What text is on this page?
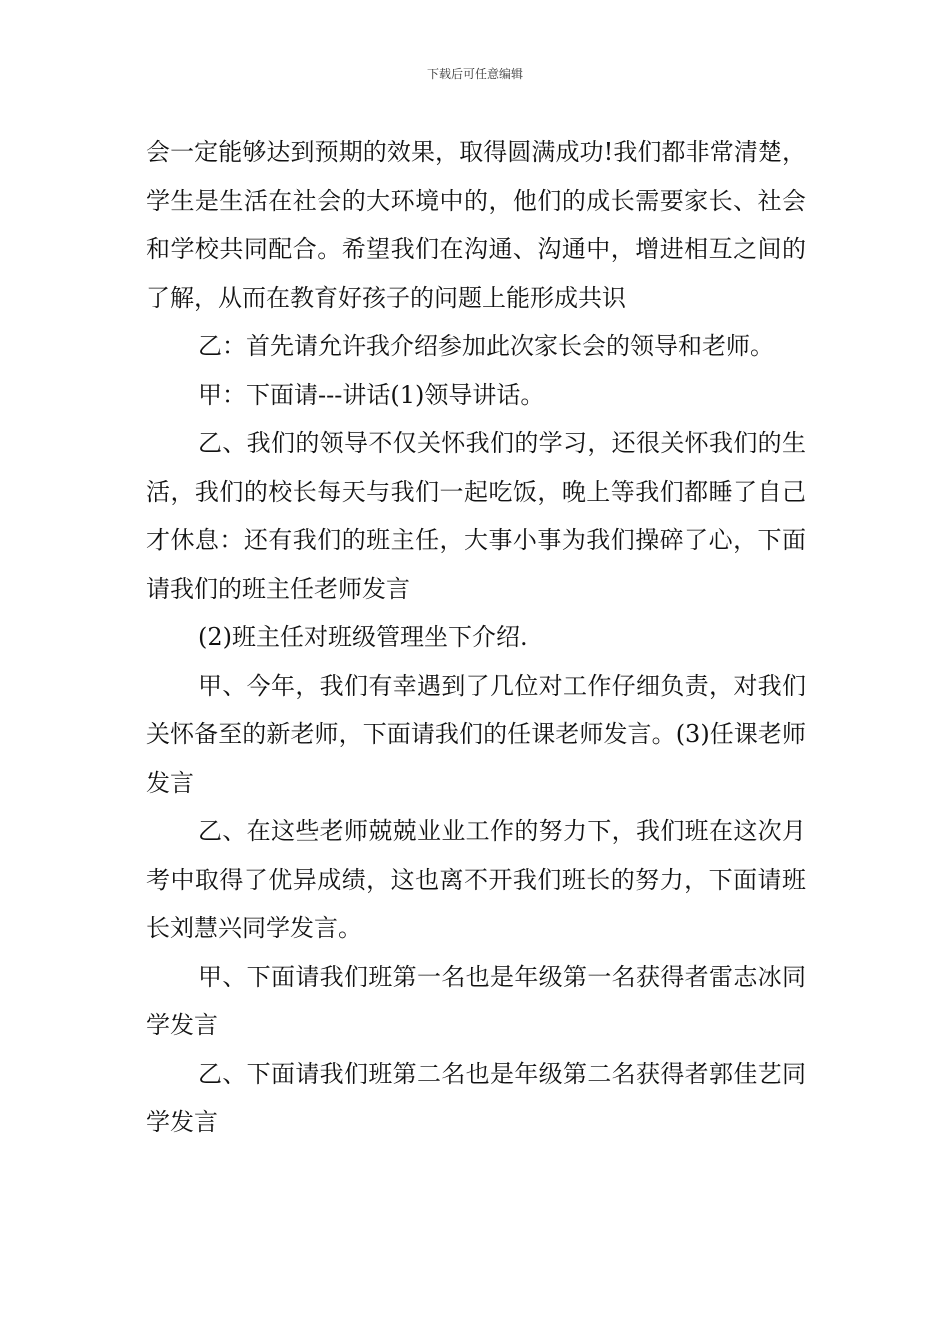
下载后可任意编辑

会一定能够达到预期的效果，取得圆满成功!我们都非常清楚，学生是生活在社会的大环境中的，他们的成长需要家长、社会和学校共同配合。希望我们在沟通、沟通中，增进相互之间的了解，从而在教育好孩子的问题上能形成共识

乙：首先请允许我介绍参加此次家长会的领导和老师。

甲：下面请---讲话(1)领导讲话。

乙、我们的领导不仅关怀我们的学习，还很关怀我们的生活，我们的校长每天与我们一起吃饭，晚上等我们都睡了自己才休息：还有我们的班主任，大事小事为我们操碎了心，下面请我们的班主任老师发言

(2)班主任对班级管理坐下介绍.

甲、今年，我们有幸遇到了几位对工作仔细负责，对我们关怀备至的新老师，下面请我们的任课老师发言。(3)任课老师发言

乙、在这些老师兢兢业业工作的努力下，我们班在这次月考中取得了优异成绩，这也离不开我们班长的努力，下面请班长刘慧兴同学发言。

甲、下面请我们班第一名也是年级第一名获得者雷志冰同学发言

乙、下面请我们班第二名也是年级第二名获得者郭佳艺同学发言
